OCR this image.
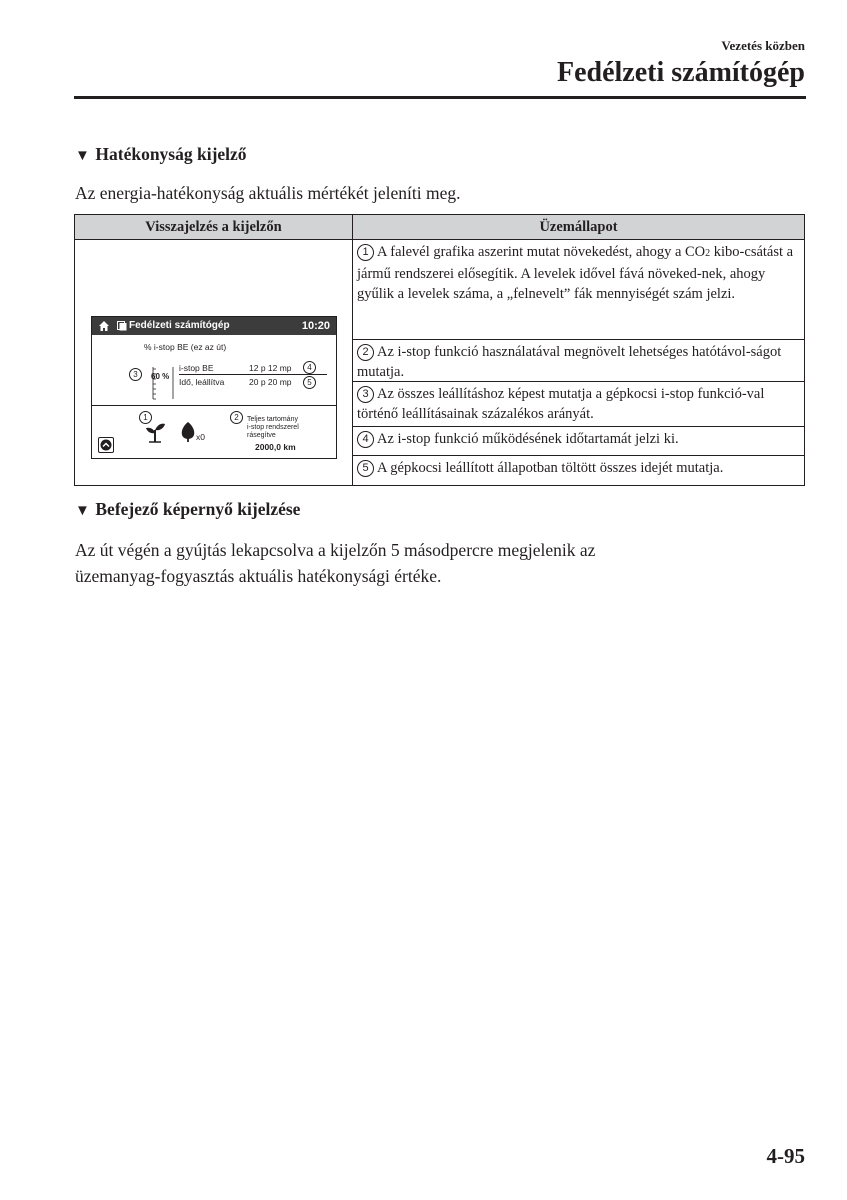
Vezetés közben
Fedélzeti számítógép
▼ Hatékonyság kijelző
Az energia-hatékonyság aktuális mértékét jeleníti meg.
Visszajelzés a kijelzőn	Üzemállapot
Fedélzeti számítógép	10:20
% i-stop BE (ez az út)
3	60 %
i-stop BE	12 p 12 mp	4
Idő, leállítva	20 p 20 mp	5
1
x0
2	Teljes tartomány
i-stop rendszerel
rásegítve
2000,0 km
1 A falevél grafika aszerint mutat növekedést, ahogy a CO2 kibo-csátást a jármű rendszerei elősegítik. A levelek idővel fává növeked-nek, ahogy gyűlik a levelek száma, a „felnevelt” fák mennyiségét szám jelzi.
2 Az i-stop funkció használatával megnövelt lehetséges hatótávol-ságot mutatja.
3 Az összes leállításhoz képest mutatja a gépkocsi i-stop funkció-val történő leállításainak százalékos arányát.
4 Az i-stop funkció működésének időtartamát jelzi ki.
5 A gépkocsi leállított állapotban töltött összes idejét mutatja.
▼ Befejező képernyő kijelzése
Az út végén a gyújtás lekapcsolva a kijelzőn 5 másodpercre megjelenik az
üzemanyag-fogyasztás aktuális hatékonysági értéke.
4-95
